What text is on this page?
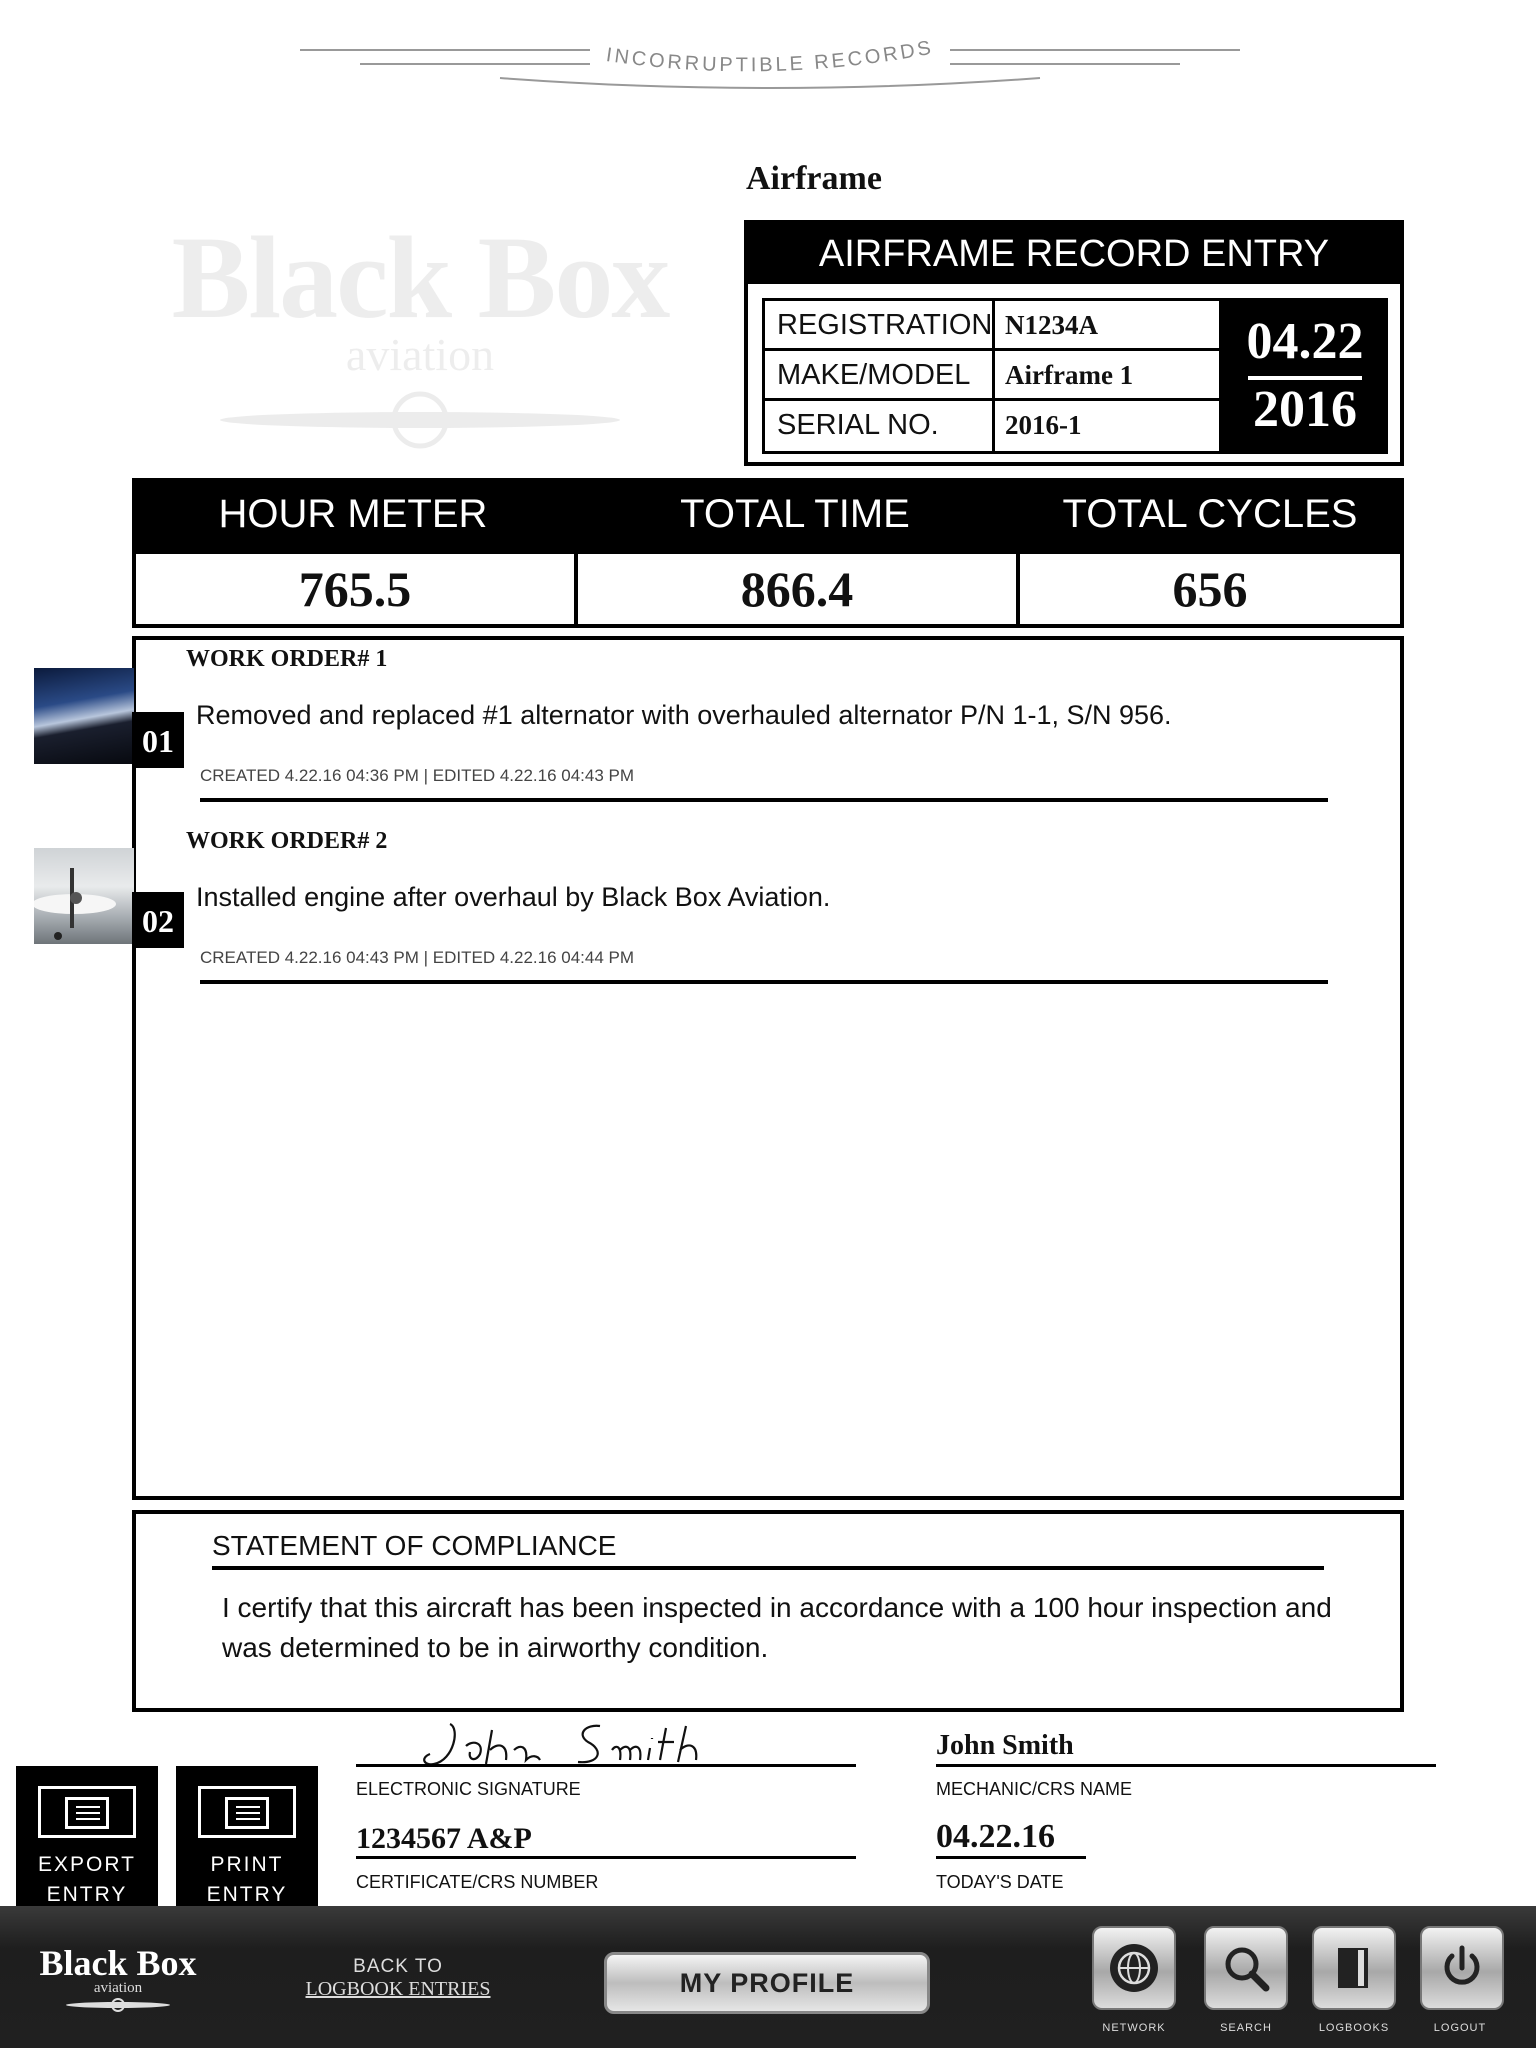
INCORRUPTIBLE RECORDS
Black Box
aviation
Airframe
AIRFRAME RECORD ENTRY
REGISTRATION N1234A
MAKE/MODEL	Airframe 1
SERIAL NO.	2016-1
04.22
2016
HOUR METER	TOTAL TIME	TOTAL CYCLES
765.5	866.4	656
WORK ORDER# 1
Removed and replaced #1 alternator with overhauled alternator P/N 1-1, S/N 956.
CREATED 4.22.16 04:36 PM | EDITED 4.22.16 04:43 PM
WORK ORDER# 2
Installed engine after overhaul by Black Box Aviation.
CREATED 4.22.16 04:43 PM | EDITED 4.22.16 04:44 PM
01
02
STATEMENT OF COMPLIANCE
I certify that this aircraft has been inspected in accordance with a 100 hour inspection and was determined to be in airworthy condition.
ELECTRONIC SIGNATURE
John Smith
MECHANIC/CRS NAME
1234567 A&P
CERTIFICATE/CRS NUMBER
04.22.16
TODAY'S DATE
EXPORT
ENTRY
PRINT
ENTRY
Black Box
aviation
BACK TO
LOGBOOK ENTRIES	MY PROFILE
NETWORK	SEARCH	LOGBOOKS	LOGOUT
